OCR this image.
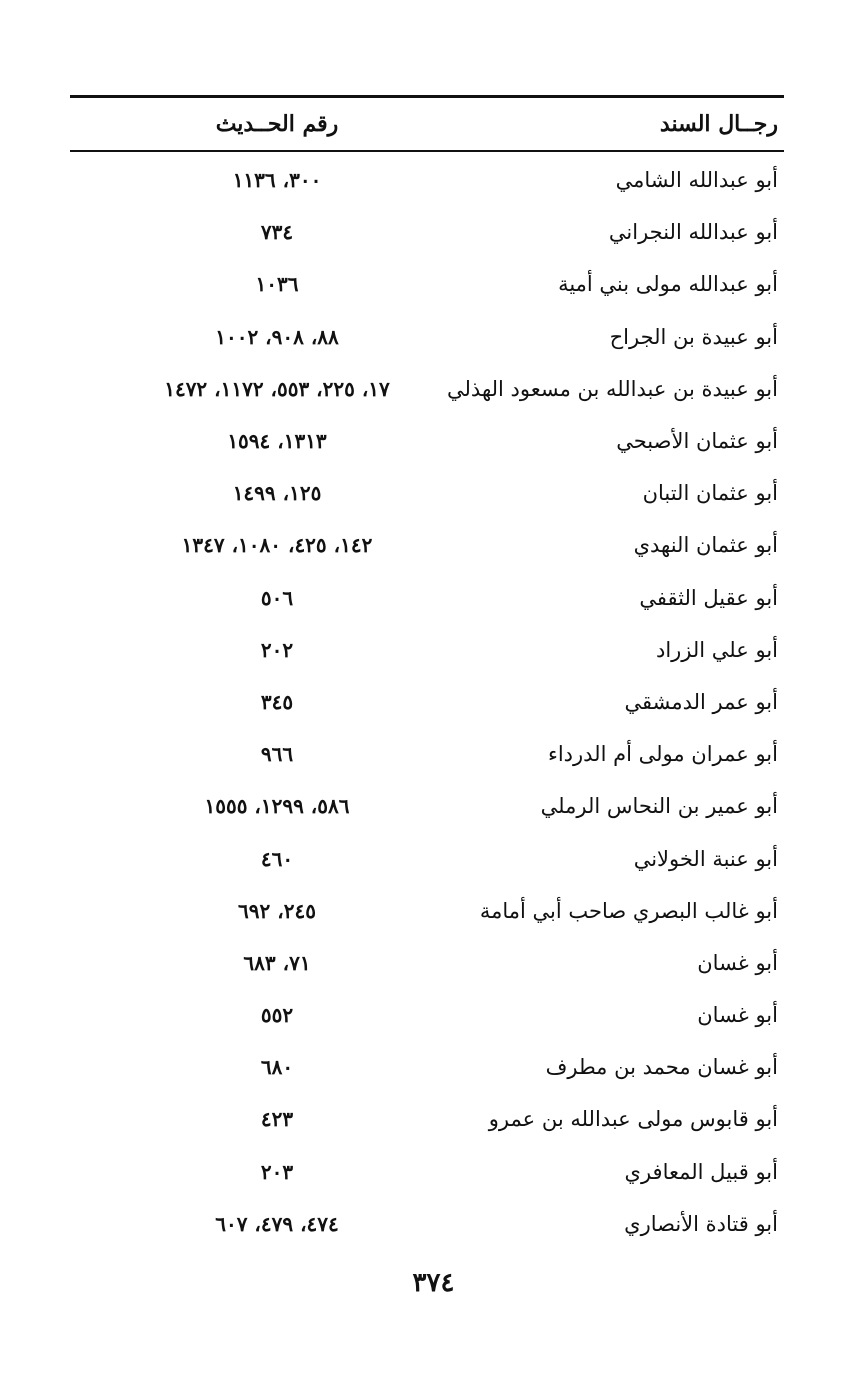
رجــال السند
رقم الحــديث
أبو عبدالله الشامي
٣٠٠، ١١٣٦
أبو عبدالله النجراني
٧٣٤
أبو عبدالله مولى بني أمية
١٠٣٦
أبو عبيدة بن الجراح
٨٨، ٩٠٨، ١٠٠٢
أبو عبيدة بن عبدالله بن مسعود الهذلي
١٧، ٢٢٥، ٥٥٣، ١١٧٢، ١٤٧٢
أبو عثمان الأصبحي
١٣١٣، ١٥٩٤
أبو عثمان التبان
١٢٥، ١٤٩٩
أبو عثمان النهدي
١٤٢، ٤٢٥، ١٠٨٠، ١٣٤٧
أبو عقيل الثقفي
٥٠٦
أبو علي الزراد
٢٠٢
أبو عمر الدمشقي
٣٤٥
أبو عمران مولى أم الدرداء
٩٦٦
أبو عمير بن النحاس الرملي
٥٨٦، ١٢٩٩، ١٥٥٥
أبو عنبة الخولاني
٤٦٠
أبو غالب البصري صاحب أبي أمامة
٢٤٥، ٦٩٢
أبو غسان
٧١، ٦٨٣
أبو غسان
٥٥٢
أبو غسان محمد بن مطرف
٦٨٠
أبو قابوس مولى عبدالله بن عمرو
٤٢٣
أبو قبيل المعافري
٢٠٣
أبو قتادة الأنصاري
٤٧٤، ٤٧٩، ٦٠٧
٣٧٤
